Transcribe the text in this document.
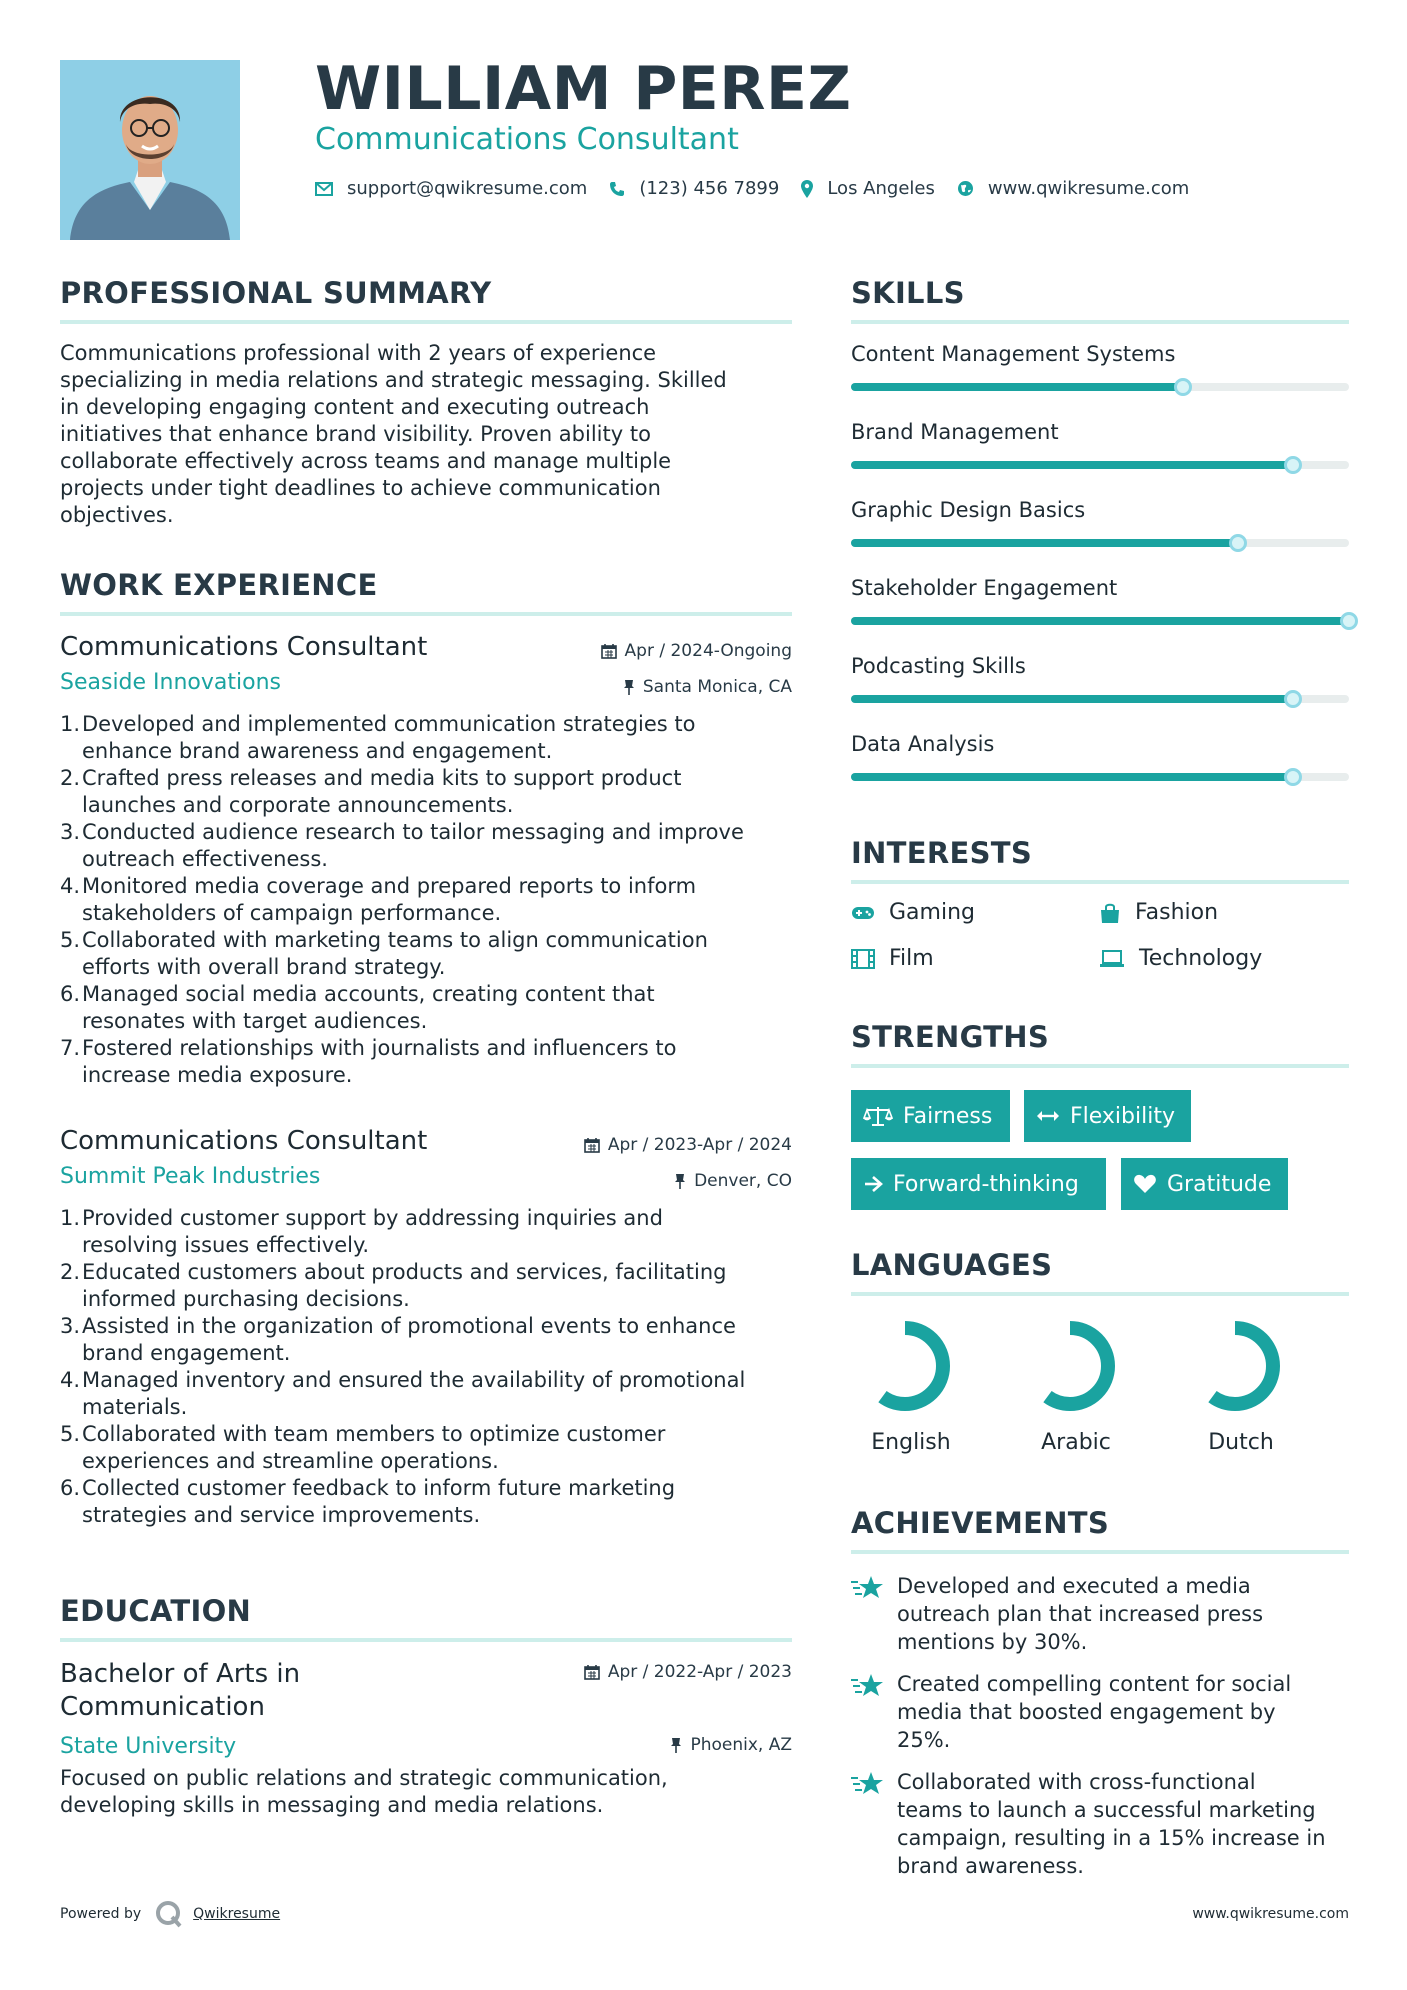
WILLIAM PEREZ
Communications Consultant
support@qwikresume.com	(123) 456 7899	Los Angeles	www.qwikresume.com
PROFESSIONAL SUMMARY
Communications professional with 2 years of experience
specializing in media relations and strategic messaging. Skilled
in developing engaging content and executing outreach
initiatives that enhance brand visibility. Proven ability to
collaborate effectively across teams and manage multiple
projects under tight deadlines to achieve communication
objectives.
WORK EXPERIENCE
Communications Consultant	Apr / 2024-Ongoing
Seaside Innovations	Santa Monica, CA
1. Developed and implemented communication strategies to
enhance brand awareness and engagement.
2. Crafted press releases and media kits to support product
launches and corporate announcements.
3. Conducted audience research to tailor messaging and improve
outreach effectiveness.
4. Monitored media coverage and prepared reports to inform
stakeholders of campaign performance.
5. Collaborated with marketing teams to align communication
efforts with overall brand strategy.
6. Managed social media accounts, creating content that
resonates with target audiences.
7. Fostered relationships with journalists and influencers to
increase media exposure.
Communications Consultant	Apr / 2023-Apr / 2024
Summit Peak Industries	Denver, CO
1. Provided customer support by addressing inquiries and
resolving issues effectively.
2. Educated customers about products and services, facilitating
informed purchasing decisions.
3. Assisted in the organization of promotional events to enhance
brand engagement.
4. Managed inventory and ensured the availability of promotional
materials.
5. Collaborated with team members to optimize customer
experiences and streamline operations.
6. Collected customer feedback to inform future marketing
strategies and service improvements.
EDUCATION
Bachelor of Arts in
Communication
Apr / 2022-Apr / 2023
State University	Phoenix, AZ
Focused on public relations and strategic communication,
developing skills in messaging and media relations.
SKILLS
Content Management Systems
Brand Management
Graphic Design Basics
Stakeholder Engagement
Podcasting Skills
Data Analysis
INTERESTS
Gaming	Fashion
Film	Technology
STRENGTHS
Fairness	Flexibility
Forward-thinking	Gratitude
LANGUAGES
English	Arabic	Dutch
ACHIEVEMENTS
Developed and executed a media
outreach plan that increased press
mentions by 30%.
Created compelling content for social
media that boosted engagement by
25%.
Collaborated with cross-functional
teams to launch a successful marketing
campaign, resulting in a 15% increase in
brand awareness.
Powered by	Qwikresume	www.qwikresume.com
